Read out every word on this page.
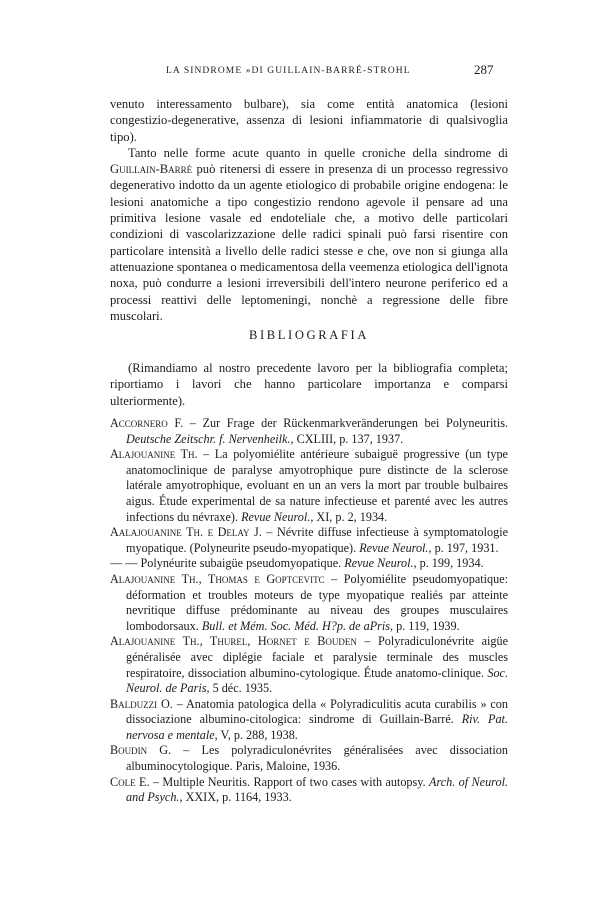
LA SINDROME »DI GUILLAIN-BARRÉ-STROHL	287

venuto interessamento bulbare), sia come entità anatomica (lesioni congestizio-degenerative, assenza di lesioni infiammatorie di qualsivoglia tipo).

Tanto nelle forme acute quanto in quelle croniche della sindrome di Guillain-Barré può ritenersi di essere in presenza di un processo regressivo degenerativo indotto da un agente etiologico di probabile origine endogena: le lesioni anatomiche a tipo congestizio rendono agevole il pensare ad una primitiva lesione vasale ed endoteliale che, a motivo delle particolari condizioni di vascolarizzazione delle radici spinali può farsi risentire con particolare intensità a livello delle radici stesse e che, ove non si giunga alla attenuazione spontanea o medicamentosa della veemenza etiologica dell'ignota noxa, può condurre a lesioni irreversibili dell'intero neurone periferico ed a processi reattivi delle leptomeningi, nonchè a regressione delle fibre muscolari.

BIBLIOGRAFIA
(Rimandiamo al nostro precedente lavoro per la bibliografia completa; riportiamo i lavori che hanno particolare importanza e comparsi ulteriormente).
Accornero F. – Zur Frage der Rückenmarkveränderungen bei Polyneuritis. Deutsche Zeitschr. f. Nervenheilk., CXLIII, p. 137, 1937.
Alajouanine Th. – La polyomiélite antérieure subaiguë progressive (un type anatomoclinique de paralyse amyotrophique pure distincte de la sclerose latérale amyotrophique, evoluant en un an vers la mort par trouble bulbaires aigus. Étude experimental de sa nature infectieuse et parenté avec les autres infections du névraxe). Revue Neurol., XI, p. 2, 1934.
Aalajouanine Th. e Delay J. – Névrite diffuse infectieuse à symptomatologie myopatique. (Polyneurite pseudo-myopatique). Revue Neurol., p. 197, 1931.
— — Polynéurite subaigüe pseudomyopatique. Revue Neurol., p. 199, 1934.
Alajouanine Th., Thomas e Goptcevitc – Polyomiélite pseudomyopatique: déformation et troubles moteurs de type myopatique realiés par atteinte nevritique diffuse prédominante au niveau des groupes musculaires lombodorsaux. Bull. et Mém. Soc. Méd. H?p. de aPris, p. 119, 1939.
Alajouanine Th., Thurel, Hornet e Bouden – Polyradiculonévrite aigüe généralisée avec diplégie faciale et paralysie terminale des muscles respiratoire, dissociation albumino-cytologique. Étude anatomo-clinique. Soc. Neurol. de Paris, 5 déc. 1935.
Balduzzi O. – Anatomia patologica della « Polyradiculitis acuta curabilis » con dissociazione albumino-citologica: sindrome di Guillain-Barré. Riv. Pat. nervosa e mentale, V, p. 288, 1938.
Boudin G. – Les polyradiculonévrites généralisées avec dissociation albuminocytologique. Paris, Maloine, 1936.
Cole E. – Multiple Neuritis. Rapport of two cases with autopsy. Arch. of Neurol. and Psych., XXIX, p. 1164, 1933.
